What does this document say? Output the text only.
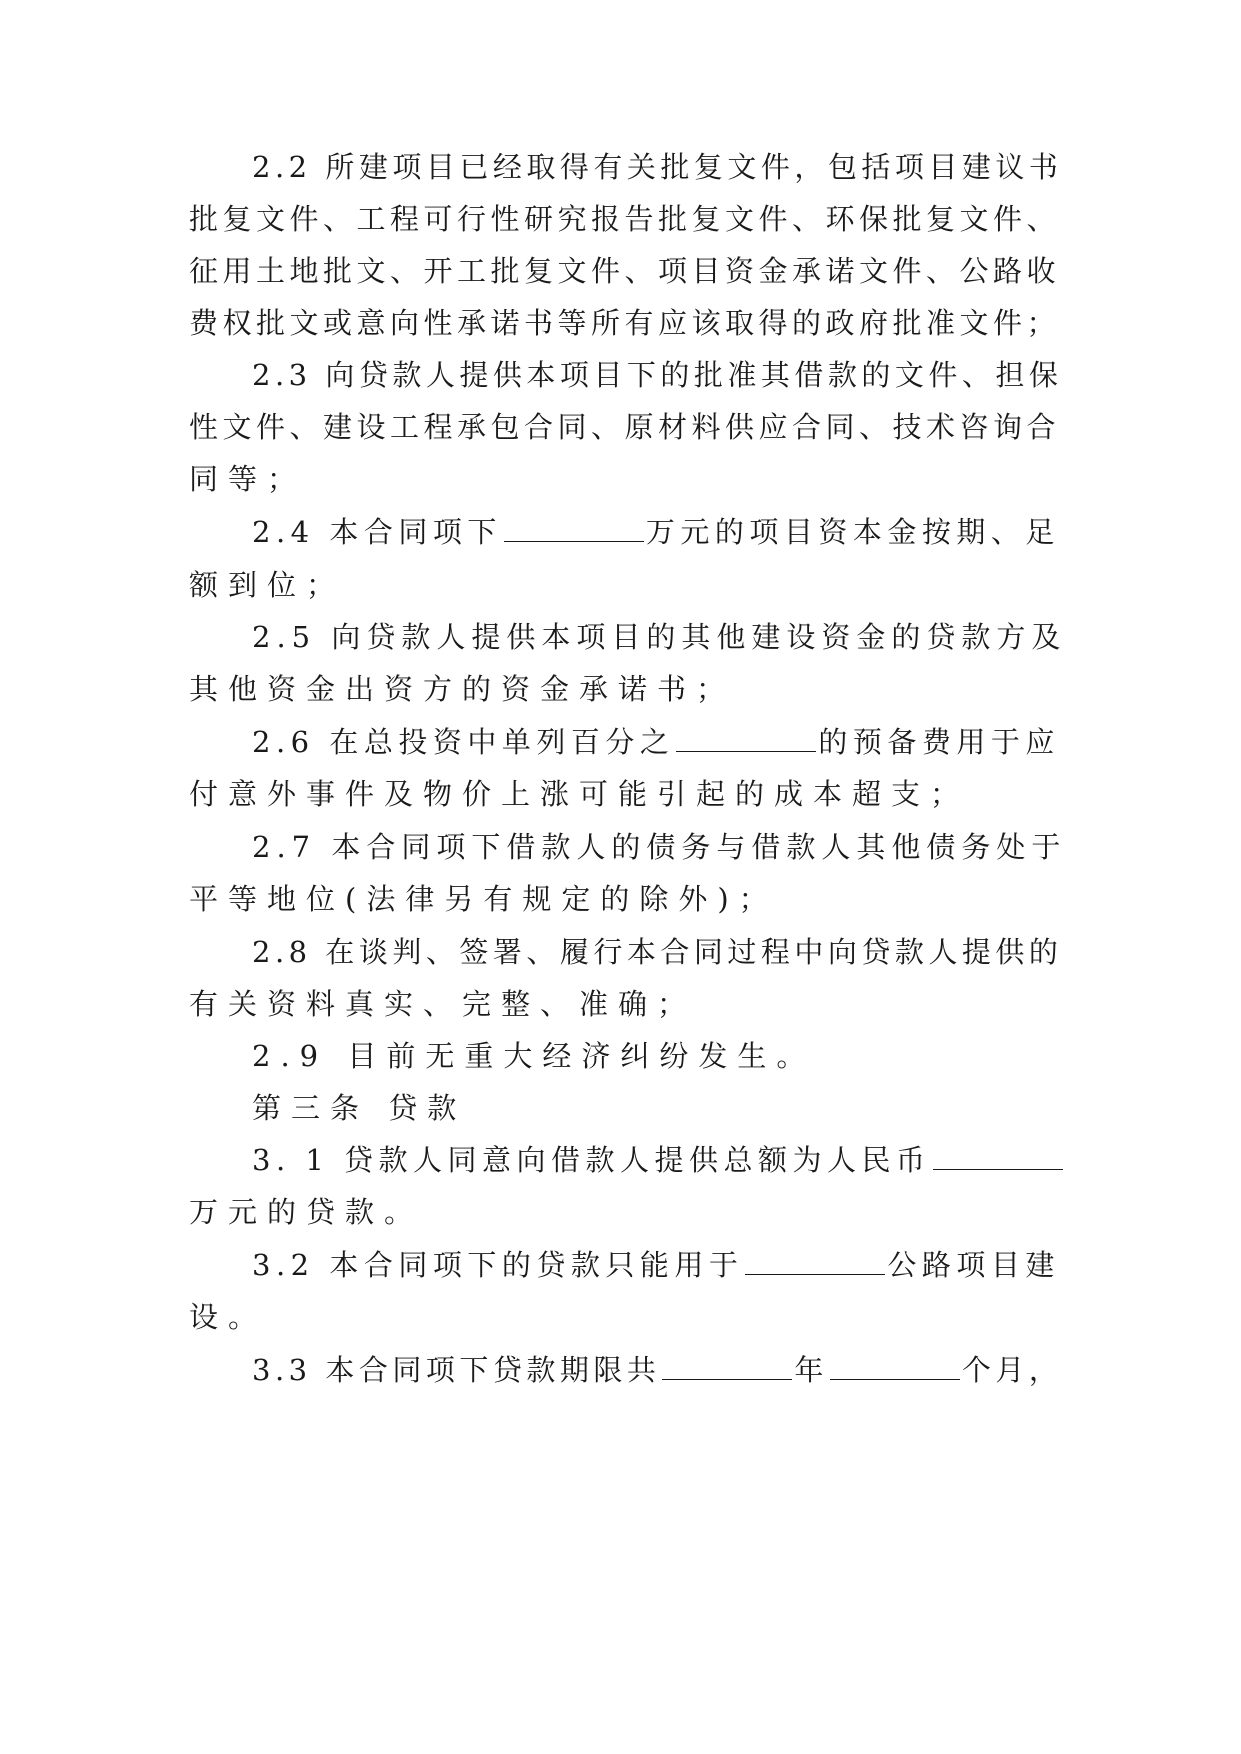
2.2 所建项目已经取得有关批复文件，包括项目建议书
批复文件、工程可行性研究报告批复文件、环保批复文件、
征用土地批文、开工批复文件、项目资金承诺文件、公路收
费权批文或意向性承诺书等所有应该取得的政府批准文件；
2.3 向贷款人提供本项目下的批准其借款的文件、担保
性文件、建设工程承包合同、原材料供应合同、技术咨询合
同等；
2.4 本合同项下	万元的项目资本金按期、足
额到位；
2.5 向贷款人提供本项目的其他建设资金的贷款方及
其他资金出资方的资金承诺书；
2.6 在总投资中单列百分之	的预备费用于应
付意外事件及物价上涨可能引起的成本超支；
2.7 本合同项下借款人的债务与借款人其他债务处于
平等地位(法律另有规定的除外)；
2.8 在谈判、签署、履行本合同过程中向贷款人提供的
有关资料真实、完整、准确；
2.9 目前无重大经济纠纷发生。
第三条 贷款
3. 1 贷款人同意向借款人提供总额为人民币
万元的贷款。
3.2 本合同项下的贷款只能用于	公路项目建
设。
3.3 本合同项下贷款期限共	年	个月，
